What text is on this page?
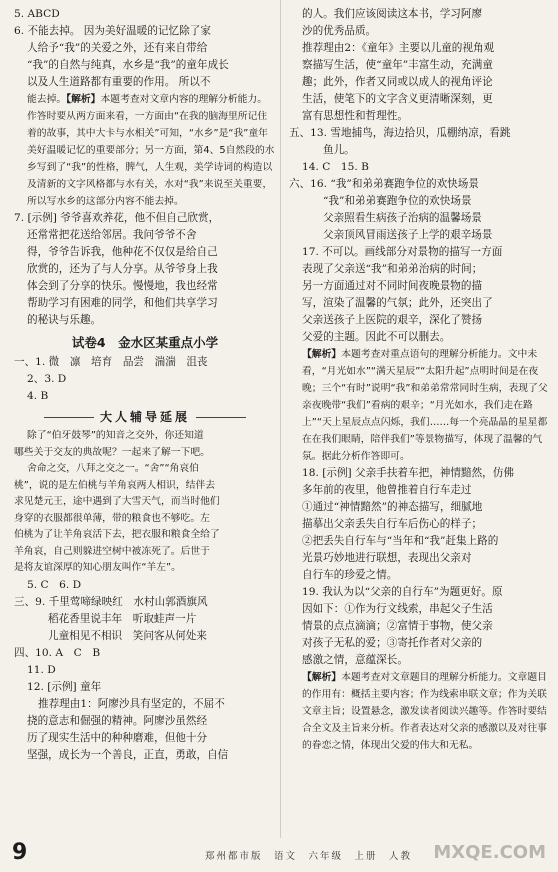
5. ABCD

6. 不能去掉。 因为美好温暖的记忆除了家

人给予“我”的关爱之外，还有来自带给

“我”的自然与纯真，水乡是“我”的童年成长

以及人生道路都有重要的作用。 所以不

能去掉。【解析】本题考查对文章内容的理解分析能力。作答时要从两方面来看，一方面由“在我的脑海里所记住着的故事，其中大卡与水相关”可知，“水乡”是“我”童年美好温暖记忆的重要部分；另一方面，第4、5自然段的水乡写到了“我”的性格，脾气，人生观，美学诗词的构造以及清新的文字风格都与水有关，水对“我”来说至关重要，所以写水乡的这部分内容不能去掉。

7. [示例] 爷爷喜欢养花，他不但自己欣赏，

还常常把花送给邻居。我问爷爷不舍

得，爷爷告诉我，他种花不仅仅是给自己

欣赏的，还为了与人分享。从爷爷身上我

体会到了分享的快乐。慢慢地，我也经常

帮助学习有困难的同学，和他们共享学习

的秘诀与乐趣。

试卷4　金水区某重点小学

一、1. 微　凛　培育　品尝　湍湍　沮丧

2、3. D

4. B

大人辅导延展

除了“伯牙鼓琴”的知音之交外，你还知道

哪些关于交友的典故呢？一起来了解一下吧。

舍命之交，八拜之交之一。“舍”“角哀伯

桃”，说的是左伯桃与羊角哀两人相识，结伴去

求见楚元王，途中遇到了大雪天气，而当时他们

身穿的衣服都很单薄，带的粮食也不够吃。左

伯桃为了让羊角哀活下去，把衣服和粮食全给了

羊角哀，自己则躲进空树中被冻死了。后世于

是将友谊深厚的知心朋友叫作“羊左”。

5. C　6. D

三、9. 千里莺啼绿映红　水村山郭酒旗风

稻花香里说丰年　听取蛙声一片

儿童相见不相识　笑问客从何处来

四、10. A　C　B

11. D

12. [示例] 童年

推荐理由1：阿廖沙具有坚定的，不屈不

挠的意志和倔强的精神。阿廖沙虽然经

历了现实生活中的种种磨难，但他十分

坚强，成长为一个善良，正直，勇敢，自信

的人。我们应该阅读这本书，学习阿廖

沙的优秀品质。

推荐理由2：《童年》主要以儿童的视角观

察描写生活，使“童年”丰富生动，充满童

趣；此外，作者又同或以成人的视角评论

生活，使笔下的文字含义更清晰深刻，更

富有思想性和哲理性。

五、13. 雪地捕鸟，海边拾贝，瓜棚纳凉，看跳

鱼儿。

14. C　15. B

六、16. “我”和弟弟赛跑争位的欢快场景

“我”和弟弟赛跑争位的欢快场景

父亲照看生病孩子治病的温馨场景

父亲顶风冒雨送孩子上学的艰辛场景

17. 不可以。画线部分对景物的描写一方面

表现了父亲送“我”和弟弟治病的时间；

另一方面通过对不同时间夜晚景物的描

写，渲染了温馨的气氛；此外，还突出了

父亲送孩子上医院的艰辛，深化了赞扬

父爱的主题。因此不可以删去。

【解析】本题考查对重点语句的理解分析能力。文中未看，“月光如水”“满天星辰”“太阳升起”点明时间是在夜晚；三个“有时”说明“我”和弟弟常常同时生病，表现了父亲夜晚带“我们”看病的艰辛；“月光如水，我们走在路上”“天上星辰点点闪烁，我们……每一个亮晶晶的星星都在在我们眼睛，陪伴我们”等景物描写，体现了温馨的气氛。据此分析作答即可。

18. [示例] 父亲手扶着车把，神情黯然，仿佛

多年前的夜里，他曾推着自行车走过

①通过“神情黯然”的神态描写，细腻地

描摹出父亲丢失自行车后伤心的样子；

②把丢失自行车与“当年和“我”赶集上路的

光景巧妙地进行联想，表现出父亲对

自行车的珍爱之情。

19. 我认为以“父亲的自行车”为题更好。原

因如下：①作为行文线索，串起父子生活

情景的点点滴滴；②富情于事物，使父亲

对孩子无私的爱；③寄托作者对父亲的

感激之情，意蕴深长。

【解析】本题考查对文章题目的理解分析能力。文章题目的作用有：概括主要内容；作为线索串联文章；作为关联文章主旨；设置悬念，激发读者阅读兴趣等。作答时要结合全文及主旨来分析。作者表达对父亲的感激以及对往事的眷恋之情，体现出父爱的伟大和无私。

9	郑州都市版　语文　六年级　上册　人教 MXQE.COM
